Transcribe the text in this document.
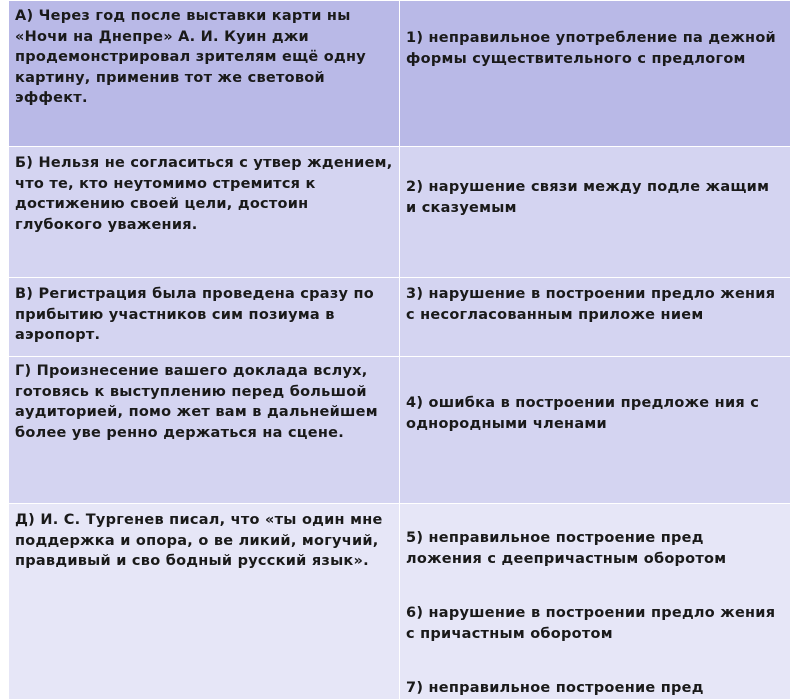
А) Через год после выставки карти ны «Ночи на Днепре» А. И. Куин джи продемонстрировал зрителям ещё одну картину, применив тот же световой эффект.	1) неправильное употребление па дежной формы существительного с предлогом

Б) Нельзя не согласиться с утвер ждением, что те, кто неутомимо стремится к достижению своей цели, достоин глубокого уважения.	2) нарушение связи между подле жащим и сказуемым

В) Регистрация была проведена сразу по прибытию участников сим позиума в аэропорт.	3) нарушение в построении предло жения с несогласованным приложе нием

Г) Произнесение вашего доклада вслух, готовясь к выступлению перед большой аудиторией, помо жет вам в дальнейшем более уве ренно держаться на сцене.	4) ошибка в построении предложе ния с однородными членами

Д) И. С. Тургенев писал, что «ты один мне поддержка и опора, о ве ликий, могучий, правдивый и сво бодный русский язык».	5) неправильное построение пред ложения с деепричастным оборотом
6) нарушение в построении предло жения с причастным оборотом
7) неправильное построение пред
